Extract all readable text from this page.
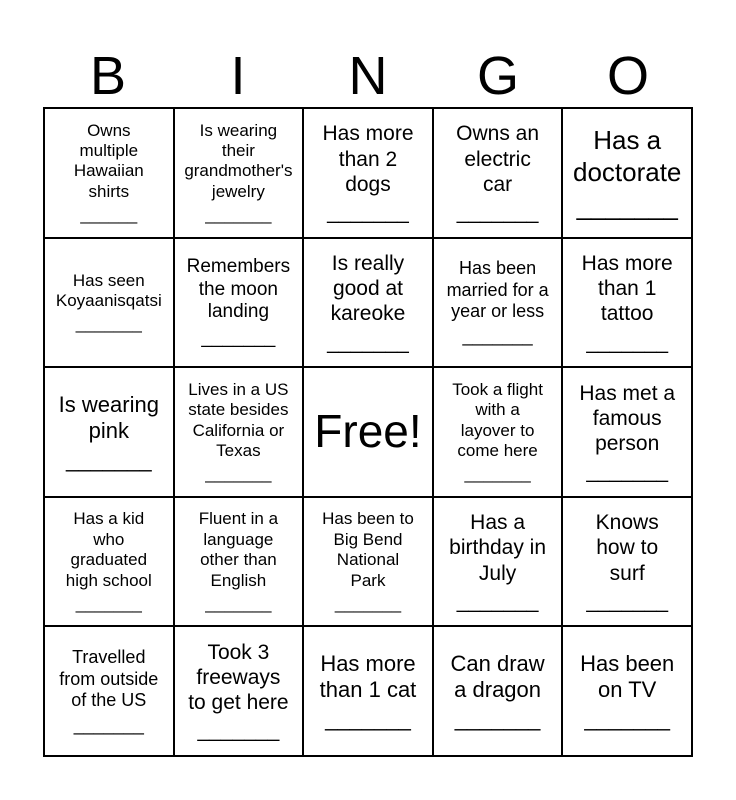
B	I	N	G	O
Owns
multiple
Hawaiian
shirts
______
Is wearing
their
grandmother's
jewelry
_______
Has more
than 2
dogs
_______
Owns an
electric
car
_______
Has a
doctorate
_______
Has seen
Koyaanisqatsi
_______
Remembers
the moon
landing
_______
Is really
good at
kareoke
_______
Has been
married for a
year or less
_______
Has more
than 1
tattoo
_______
Is wearing
pink
_______
Lives in a US
state besides
California or
Texas
_______
Free!
Took a flight
with a
layover to
come here
_______
Has met a
famous
person
_______
Has a kid
who
graduated
high school
_______
Fluent in a
language
other than
English
_______
Has been to
Big Bend
National
Park
_______
Has a
birthday in
July
_______
Knows
how to
surf
_______
Travelled
from outside
of the US
_______
Took 3
freeways
to get here
_______
Has more
than 1 cat
_______
Can draw
a dragon
_______
Has been
on TV
_______
